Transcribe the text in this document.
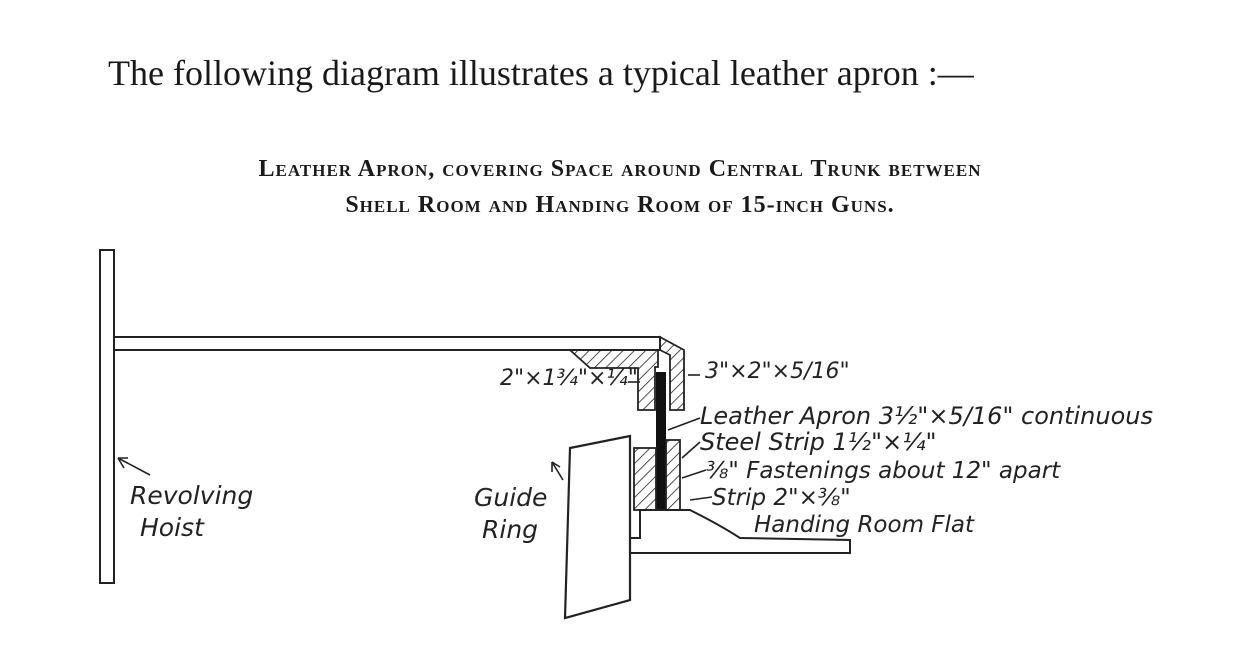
The following diagram illustrates a typical leather apron :—
Leather Apron, covering Space around Central Trunk between
Shell Room and Handing Room of 15-inch Guns.
2"×1¾"×¼"	3"×2"×5/16"
Leather Apron 3½"×5/16" continuous
Steel Strip 1½"×¼"
⅜" Fastenings about 12" apart
Strip 2"×⅜"
Handing Room Flat
Revolving
Hoist
Guide
Ring
